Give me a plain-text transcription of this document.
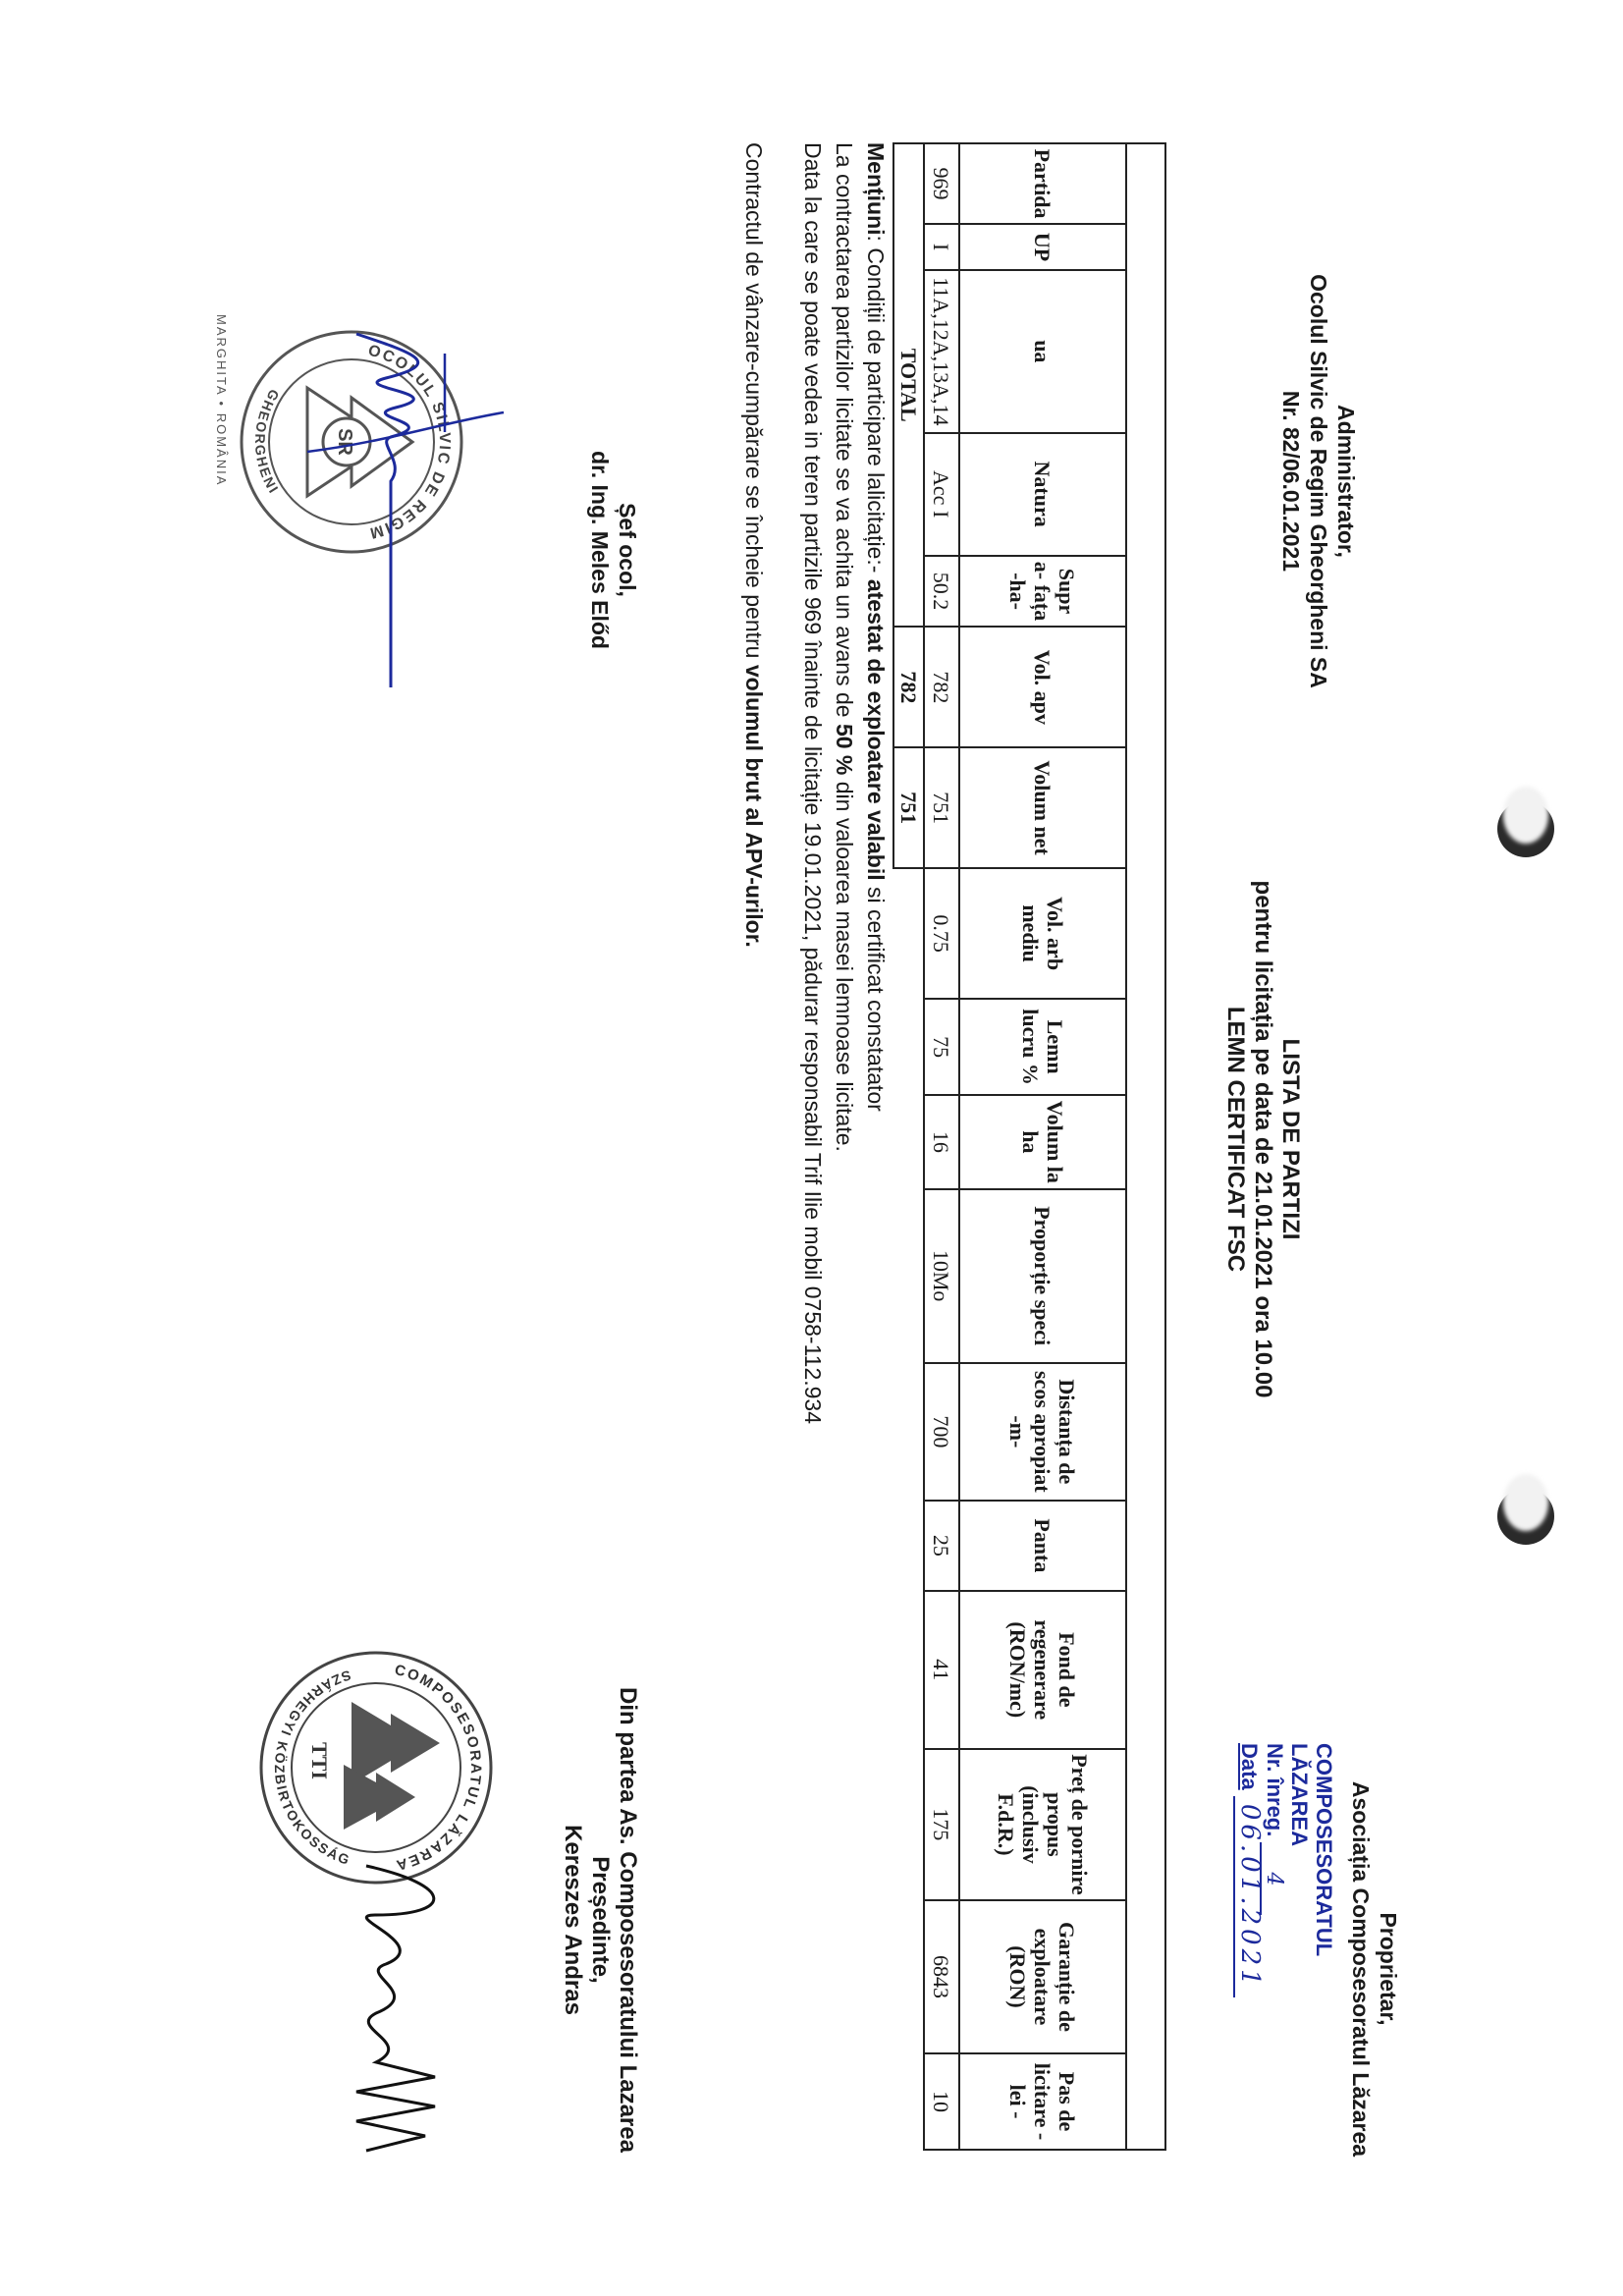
Administrator,
Ocolul Silvic de Regim Gheorgheni SA
Nr. 82/06.01.2021
Proprietar,
Asociația Composesoratul Lăzarea
COMPOSESORATUL LĂZAREA
Nr. înreg. 4
Data 06.01.2021
LISTA DE PARTIZI
pentru licitația pe data de 21.01.2021 ora 10.00
LEMN CERTIFICAT FSC

Partida	UP	ua	Natura	Supr a- fața -ha-	Vol. apv	Volum net	Vol. arb mediu	Lemn lucru %	Volum la ha	Proporție speci	Distanța de scos apropiat -m-	Panta	Fond de regenerare (RON/mc)	Preț de pornire propus (inclusiv F.d.R.)	Garanție de exploatare (RON)	Pas de licitare - lei -
969	I	11A,12A,13A,14	Acc I	50.2	782	751	0.75	75	16	10Mo	700	25	41	175	6843	10
TOTAL					782	751										
Mențiuni: Condiții de participare lalicitație:- atestat de exploatare valabil si certificat constatator
La contractarea partizilor licitate se va achita un avans de 50 % din valoarea masei lemnoase licitate.
Data la care se poate vedea in teren partizile 969 înainte de licitație 19.01.2021, pădurar responsabil Trif Ilie mobil 0758-112.934
Contractul de vânzare-cumpărare se încheie pentru volumul brut al APV-urilor.
Șef ocol,
dr. Ing. Meles Előd
OCOLUL SILVIC DE REGIM
GHEORGHENI
SR
MARGHITA • ROMÂNIA
Din partea As. Composesoratului Lazarea
Președinte,
Kereszes Andras
COMPOSESORATUL LĂZAREA
SZÁRHEGYI KÖZBIRTOKOSSÁG
TTI
